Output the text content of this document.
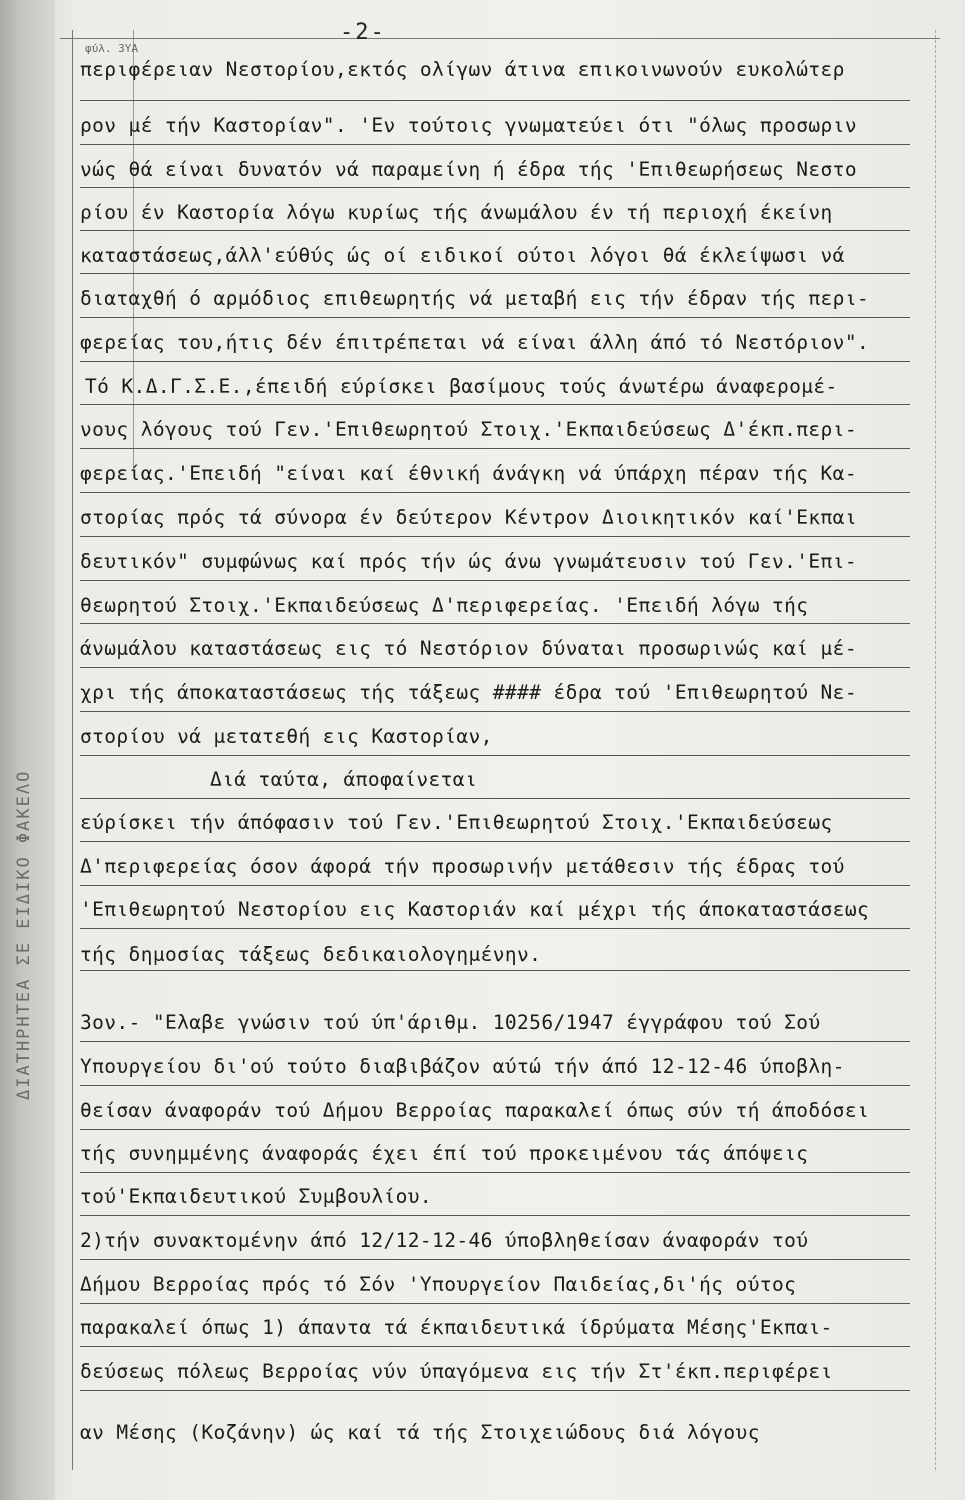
ΔΙΑΤΗΡΗΤΕΑ ΣΕ ΕΙΔΙΚΟ ΦΑΚΕΛΟ
-2-
φύλ. 3ΥΑ
περιφέρειαν Νεστορίου,εκτός ολίγων άτινα επικοινωνούν ευκολώτερ
ρον μέ τήν Καστορίαν". 'Εν τούτοις γνωματεύει ότι "όλως προσωριν
νώς θά είναι δυνατόν νά παραμείνη ή έδρα τής 'Επιθεωρήσεως Νεστο
ρίου έν Καστορία λόγω κυρίως τής άνωμάλου έν τή περιοχή έκείνη
καταστάσεως,άλλ'εύθύς ώς οί ειδικοί ούτοι λόγοι θά έκλείψωσι νά
διαταχθή ό αρμόδιος επιθεωρητής νά μεταβή εις τήν έδραν τής περι-
φερείας του,ήτις δέν έπιτρέπεται νά είναι άλλη άπό τό Νεστόριον".
Τό Κ.Δ.Γ.Σ.Ε.,έπειδή εύρίσκει βασίμους τούς άνωτέρω άναφερομέ-
νους λόγους τού Γεν.'Επιθεωρητού Στοιχ.'Εκπαιδεύσεως Δ'έκπ.περι-
φερείας.'Επειδή "είναι καί έθνική άνάγκη νά ύπάρχη πέραν τής Κα-
στορίας πρός τά σύνορα έν δεύτερον Κέντρον Διοικητικόν καί'Εκπαι
δευτικόν" συμφώνως καί πρός τήν ώς άνω γνωμάτευσιν τού Γεν.'Επι-
θεωρητού Στοιχ.'Εκπαιδεύσεως Δ'περιφερείας. 'Επειδή λόγω τής
άνωμάλου καταστάσεως εις τό Νεστόριον δύναται προσωρινώς καί μέ-
χρι τής άποκαταστάσεως τής τάξεως #### έδρα τού 'Επιθεωρητού Νε-
στορίου νά μετατεθή εις Καστορίαν,
Διά ταύτα, άποφαίνεται
εύρίσκει τήν άπόφασιν τού Γεν.'Επιθεωρητού Στοιχ.'Εκπαιδεύσεως
Δ'περιφερείας όσον άφορά τήν προσωρινήν μετάθεσιν τής έδρας τού
'Επιθεωρητού Νεστορίου εις Καστοριάν καί μέχρι τής άποκαταστάσεως
τής δημοσίας τάξεως δεδικαιολογημένην.
3ον.- "Ελαβε γνώσιν τού ύπ'άριθμ. 10256/1947 έγγράφου τού Σού
Υπουργείου δι'ού τούτο διαβιβάζον αύτώ τήν άπό 12-12-46 ύποβλη-
θείσαν άναφοράν τού Δήμου Βερροίας παρακαλεί όπως σύν τή άποδόσει
τής συνημμένης άναφοράς έχει έπί τού προκειμένου τάς άπόψεις
τού'Εκπαιδευτικού Συμβουλίου.
2)τήν συνακτομένην άπό 12/12-12-46 ύποβληθείσαν άναφοράν τού
Δήμου Βερροίας πρός τό Σόν 'Υπουργείον Παιδείας,δι'ής ούτος
παρακαλεί όπως 1) άπαντα τά έκπαιδευτικά ίδρύματα Μέσης'Εκπαι-
δεύσεως πόλεως Βερροίας νύν ύπαγόμενα εις τήν Στ'έκπ.περιφέρει
αν Μέσης (Κοζάνην) ώς καί τά τής Στοιχειώδους διά λόγους
